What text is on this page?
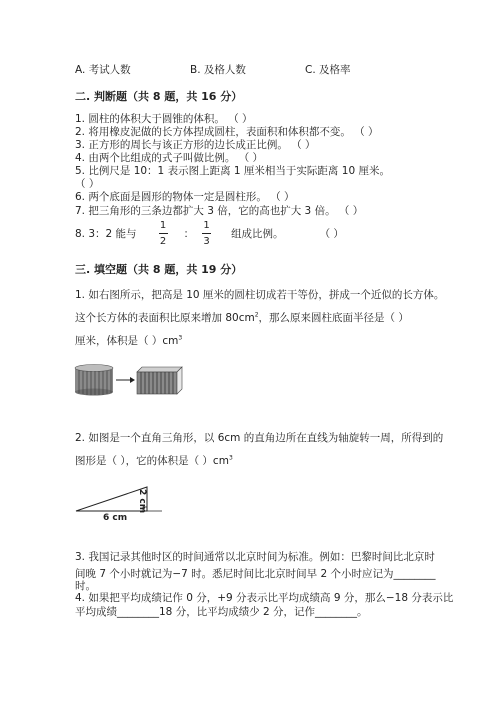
A. 考试人数	B. 及格人数	C. 及格率
二. 判断题（共 8 题，共 16 分）
1. 圆柱的体积大于圆锥的体积。 （ ）
2. 将用橡皮泥做的长方体捏成圆柱，表面积和体积都不变。 （ ）
3. 正方形的周长与该正方形的边长成正比例。 （ ）
4. 由两个比组成的式子叫做比例。 （ ）
5. 比例尺是 10：1 表示图上距离 1 厘米相当于实际距离 10 厘米。
（ ）
6. 两个底面是圆形的物体一定是圆柱形。 （ ）
7. 把三角形的三条边都扩大 3 倍，它的高也扩大 3 倍。 （ ）
8. 3：2 能与 $\frac{1}{2}$ ： $\frac{1}{3}$ 组成比例。	（ ）
三. 填空题（共 8 题，共 19 分）
1. 如右图所示，把高是 10 厘米的圆柱切成若干等份，拼成一个近似的长方体。
这个长方体的表面积比原来增加 $80cm^2$，那么原来圆柱底面半径是（ ）
厘米，体积是（ ）$cm^3$
2. 如图是一个直角三角形，以 6cm 的直角边所在直线为轴旋转一周，所得到的
图形是（ ），它的体积是（ ）$cm^3$
2 cm
6 cm
3. 我国记录其他时区的时间通常以北京时间为标准。例如：巴黎时间比北京时
间晚 7 个小时就记为−7 时。悉尼时间比北京时间早 2 个小时应记为________
时。
4. 如果把平均成绩记作 0 分，+9 分表示比平均成绩高 9 分，那么−18 分表示比
平均成绩________18 分，比平均成绩少 2 分，记作________。
